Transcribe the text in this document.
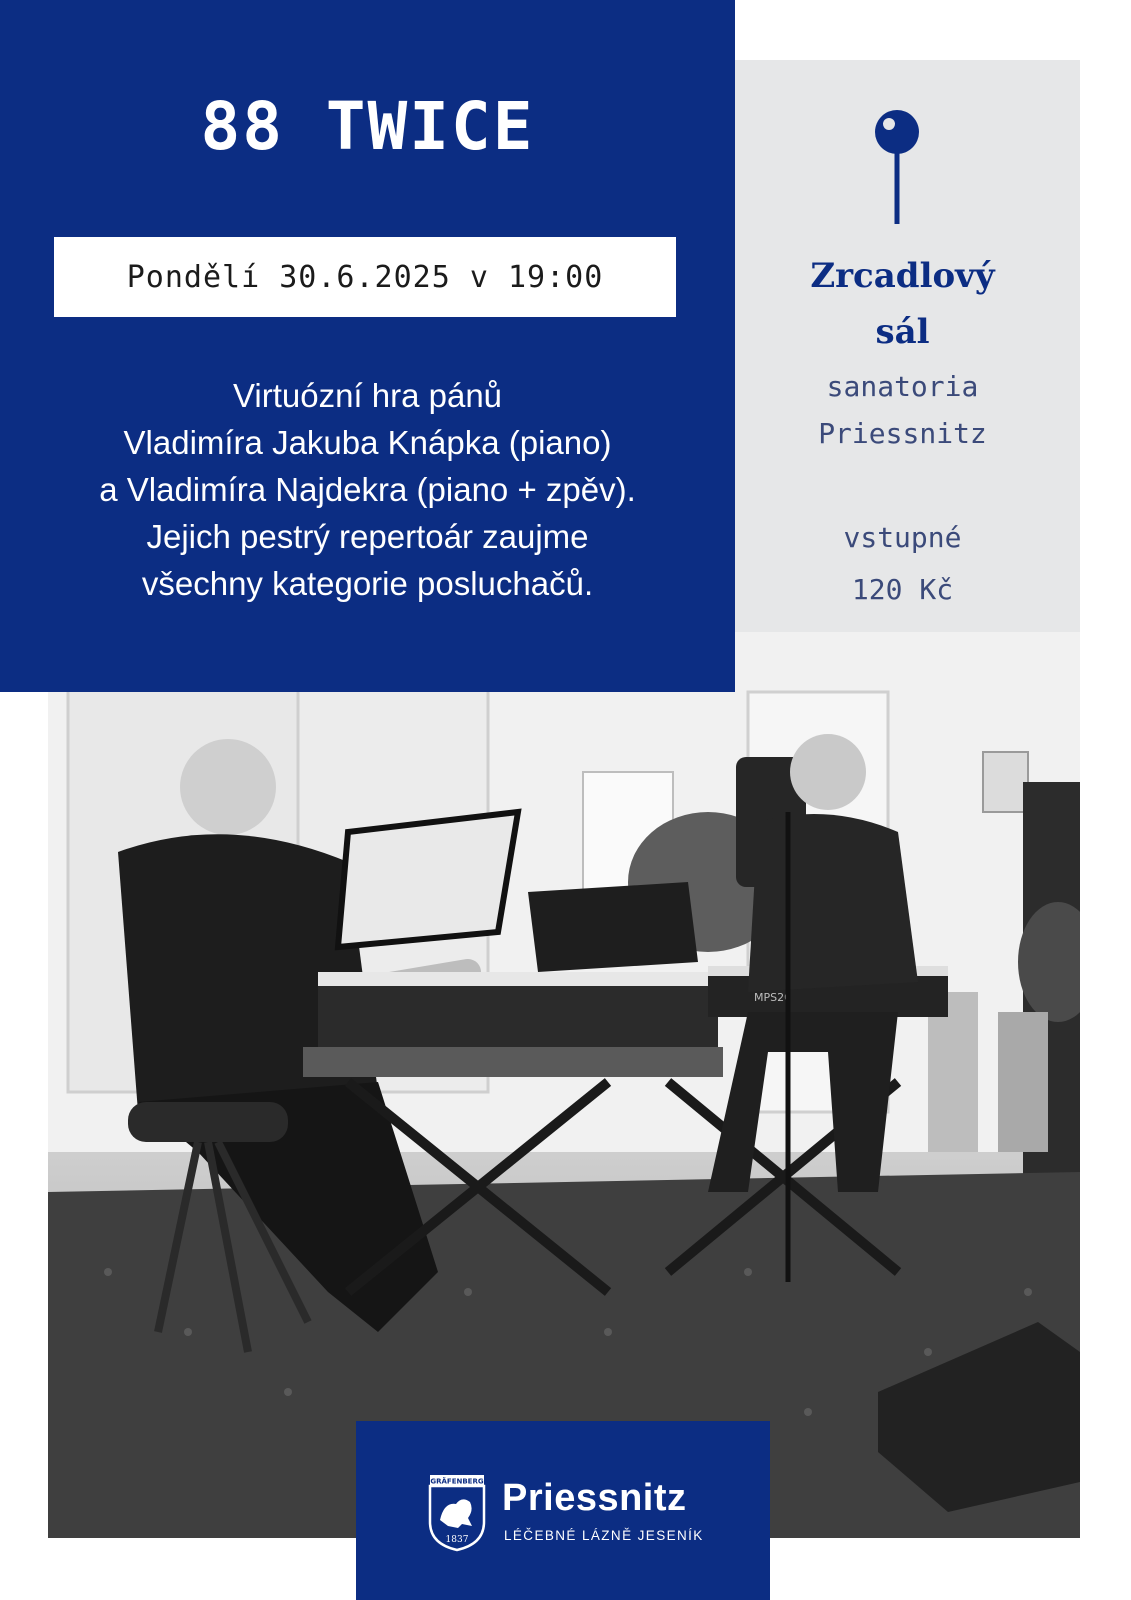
MPS20
88 TWICE
Pondělí 30.6.2025 v 19:00
Virtuózní hra pánů
Vladimíra Jakuba Knápka (piano)
a Vladimíra Najdekra (piano + zpěv).
Jejich pestrý repertoár zaujme
všechny kategorie posluchačů.
Zrcadlový
sál
sanatoria
Priessnitz
vstupné
120 Kč
GRÄFENBERG
1837
Priessnitz
LÉČEBNÉ LÁZNĚ JESENÍK
